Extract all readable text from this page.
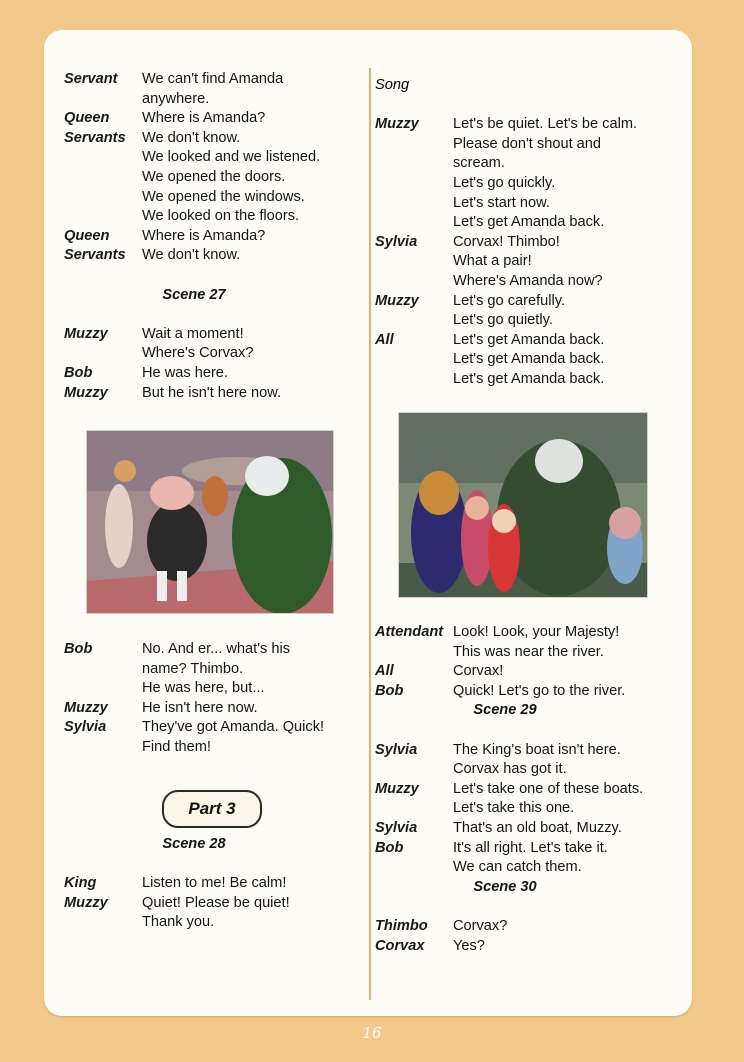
Servant	We can't find Amanda
anywhere.
Queen	Where is Amanda?
Servants	We don't know.
We looked and we listened.
We opened the doors.
We opened the windows.
We looked on the floors.
Queen	Where is Amanda?
Servants	We don't know.
Scene 27
Muzzy	Wait a moment!
Where's Corvax?
Bob	He was here.
Muzzy	But he isn't here now.
Bob	No. And er... what's his
name? Thimbo.
He was here, but...
Muzzy	He isn't here now.
Sylvia	They've got Amanda. Quick!
Find them!
Part 3
Scene 28
King	Listen to me! Be calm!
Muzzy	Quiet! Please be quiet!
Thank you.
Song
Muzzy	Let's be quiet. Let's be calm.
Please don't shout and
scream.
Let's go quickly.
Let's start now.
Let's get Amanda back.
Sylvia	Corvax! Thimbo!
What a pair!
Where's Amanda now?
Muzzy	Let's go carefully.
Let's go quietly.
All	Let's get Amanda back.
Let's get Amanda back.
Let's get Amanda back.
Attendant Look! Look, your Majesty!
This was near the river.
All	Corvax!
Bob	Quick! Let's go to the river.
Scene 29
Sylvia	The King's boat isn't here.
Corvax has got it.
Muzzy	Let's take one of these boats.
Let's take this one.
Sylvia	That's an old boat, Muzzy.
Bob	It's all right. Let's take it.
We can catch them.
Scene 30
Thimbo	Corvax?
Corvax	Yes?
16
